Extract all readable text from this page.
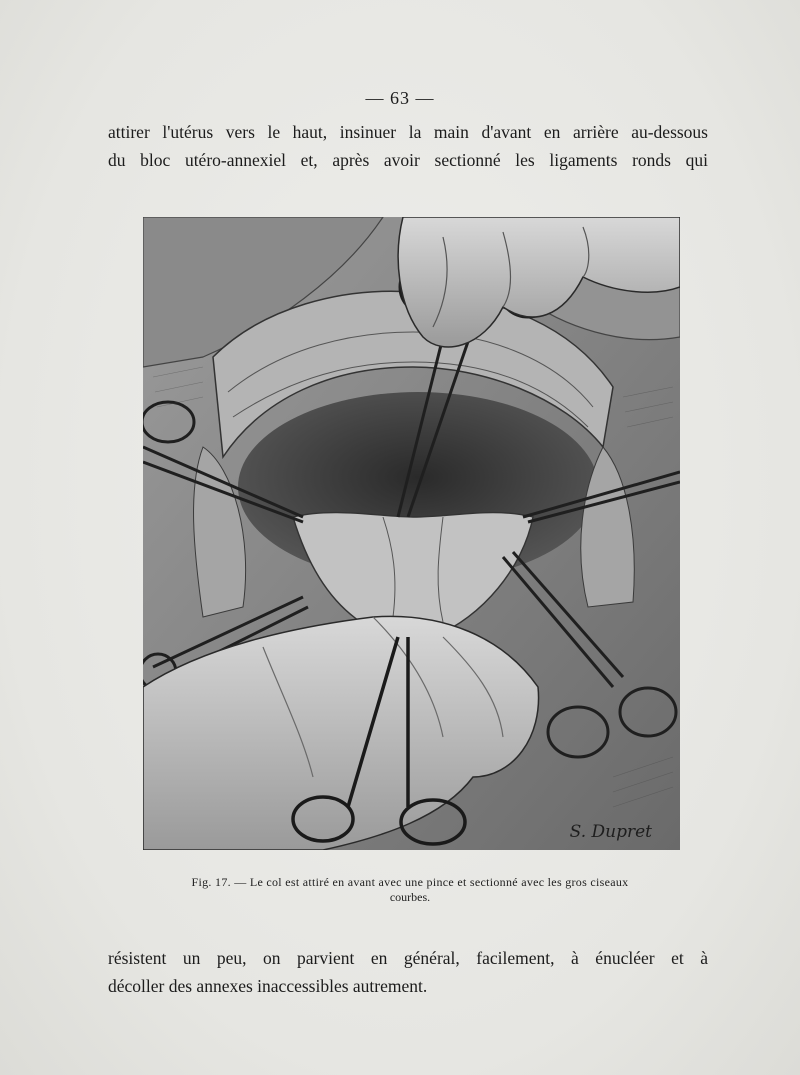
— 63 —
attirer l'utérus vers le haut, insinuer la main d'avant en arrière au-dessous
du bloc utéro-annexiel et, après avoir sectionné les ligaments ronds qui
S. Dupret
Fig. 17. — Le col est attiré en avant avec une pince et sectionné avec les gros ciseaux
courbes.
résistent un peu, on parvient en général, facilement, à énucléer et à
décoller des annexes inaccessibles autrement.
